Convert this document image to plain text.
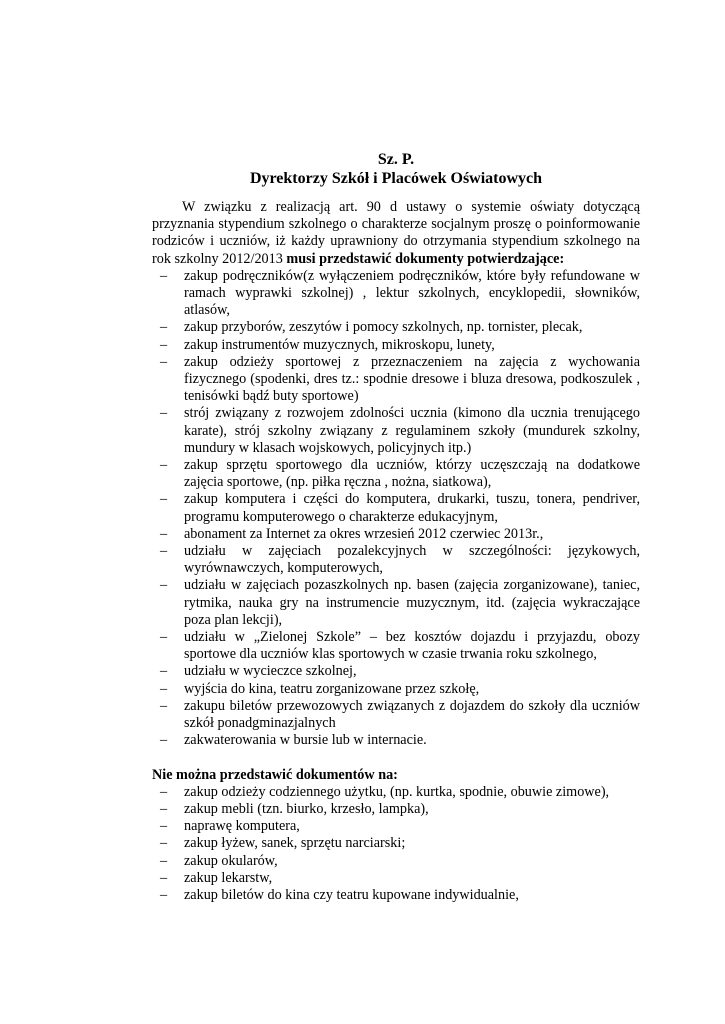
Sz. P.
Dyrektorzy Szkół i Placówek Oświatowych

W związku z realizacją art. 90 d ustawy o systemie oświaty dotyczącą przyznania stypendium szkolnego o charakterze socjalnym proszę o poinformowanie rodziców i uczniów, iż każdy uprawniony do otrzymania stypendium szkolnego na rok szkolny 2012/2013 musi przedstawić dokumenty potwierdzające:

– zakup podręczników(z wyłączeniem podręczników, które były refundowane w ramach wyprawki szkolnej) , lektur szkolnych, encyklopedii, słowników, atlasów,
– zakup przyborów, zeszytów i pomocy szkolnych, np. tornister, plecak,
– zakup instrumentów muzycznych, mikroskopu, lunety,
– zakup odzieży sportowej z przeznaczeniem na zajęcia z wychowania fizycznego (spodenki, dres tz.: spodnie dresowe i bluza dresowa, podkoszulek , tenisówki bądź buty sportowe)
– strój związany z rozwojem zdolności ucznia (kimono dla ucznia trenującego karate), strój szkolny związany z regulaminem szkoły (mundurek szkolny, mundury w klasach wojskowych, policyjnych itp.)
– zakup sprzętu sportowego dla uczniów, którzy uczęszczają na dodatkowe zajęcia sportowe, (np. piłka ręczna , nożna, siatkowa),
– zakup komputera i części do komputera, drukarki, tuszu, tonera, pendriver, programu komputerowego o charakterze edukacyjnym,
– abonament za Internet za okres wrzesień 2012 czerwiec 2013r.,
– udziału w zajęciach pozalekcyjnych w szczególności: językowych, wyrównawczych, komputerowych,
– udziału w zajęciach pozaszkolnych np. basen (zajęcia zorganizowane), taniec, rytmika, nauka gry na instrumencie muzycznym, itd. (zajęcia wykraczające poza plan lekcji),
– udziału w „Zielonej Szkole” – bez kosztów dojazdu i przyjazdu, obozy sportowe dla uczniów klas sportowych w czasie trwania roku szkolnego,
– udziału w wycieczce szkolnej,
– wyjścia do kina, teatru zorganizowane przez szkołę,
– zakupu biletów przewozowych związanych z dojazdem do szkoły dla uczniów szkół ponadgminazjalnych
– zakwaterowania w bursie lub w internacie.

Nie można przedstawić dokumentów na:

– zakup odzieży codziennego użytku, (np. kurtka, spodnie, obuwie zimowe),
– zakup mebli (tzn. biurko, krzesło, lampka),
– naprawę komputera,
– zakup łyżew, sanek, sprzętu narciarski;
– zakup okularów,
– zakup lekarstw,
– zakup biletów do kina czy teatru kupowane indywidualnie,
